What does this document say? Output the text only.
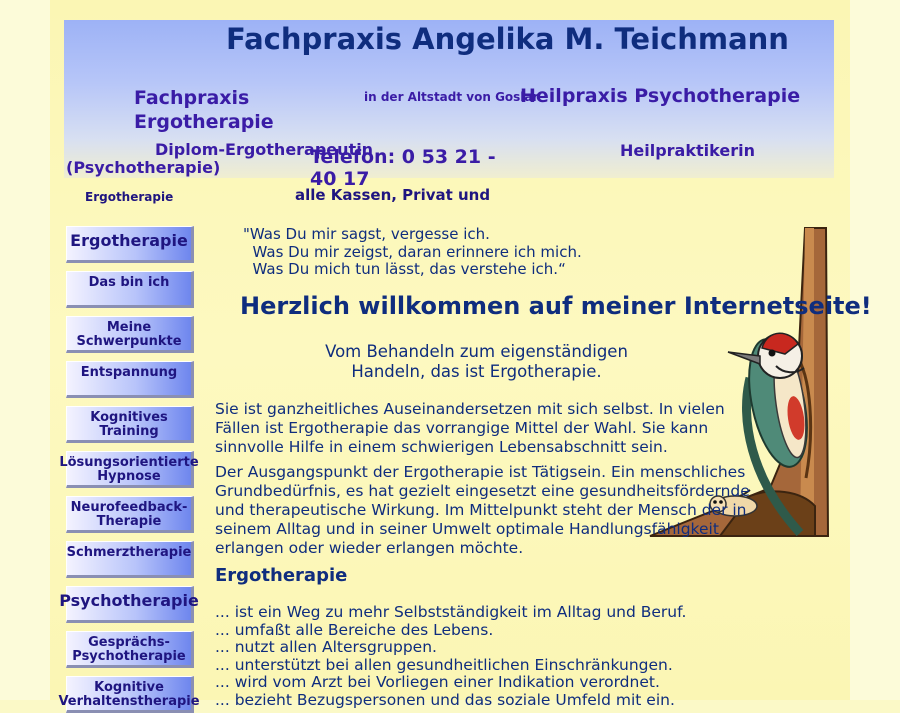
Fachpraxis Angelika M. Teichmann
Fachpraxis Ergotherapie
in der Altstadt von Goslar
Heilpraxis Psychotherapie
Diplom-Ergotherapeutin
(Psychotherapie)	Telefon: 0 53 21 - 40 17
Heilpraktikerin
Ergotherapie	alle Kassen, Privat und
Ergotherapie
Das bin ich
Meine Schwerpunkte
Entspannung
Kognitives Training
Lösungsorientierte Hypnose
Neurofeedback-Therapie
Schmerztherapie
Psychotherapie
Gesprächs-Psychotherapie
Kognitive Verhaltenstherapie
"Was Du mir sagst, vergesse ich.
Was Du mir zeigst, daran erinnere ich mich.
Was Du mich tun lässt, das verstehe ich.“
Herzlich willkommen auf meiner Internetseite!
Vom Behandeln zum eigenständigen Handeln, das ist Ergotherapie.
Sie ist ganzheitliches Auseinandersetzen mit sich selbst. In vielen Fällen ist Ergotherapie das vorrangige Mittel der Wahl. Sie kann sinnvolle Hilfe in einem schwierigen Lebensabschnitt sein.
Der Ausgangspunkt der Ergotherapie ist Tätigsein. Ein menschliches Grundbedürfnis, es hat gezielt eingesetzt eine gesundheitsfördernde und therapeutische Wirkung. Im Mittelpunkt steht der Mensch der in seinem Alltag und in seiner Umwelt optimale Handlungsfähigkeit erlangen oder wieder erlangen möchte.
Ergotherapie
... ist ein Weg zu mehr Selbstständigkeit im Alltag und Beruf.
... umfaßt alle Bereiche des Lebens.
... nutzt allen Altersgruppen.
... unterstützt bei allen gesundheitlichen Einschränkungen.
... wird vom Arzt bei Vorliegen einer Indikation verordnet.
... bezieht Bezugspersonen und das soziale Umfeld mit ein.
